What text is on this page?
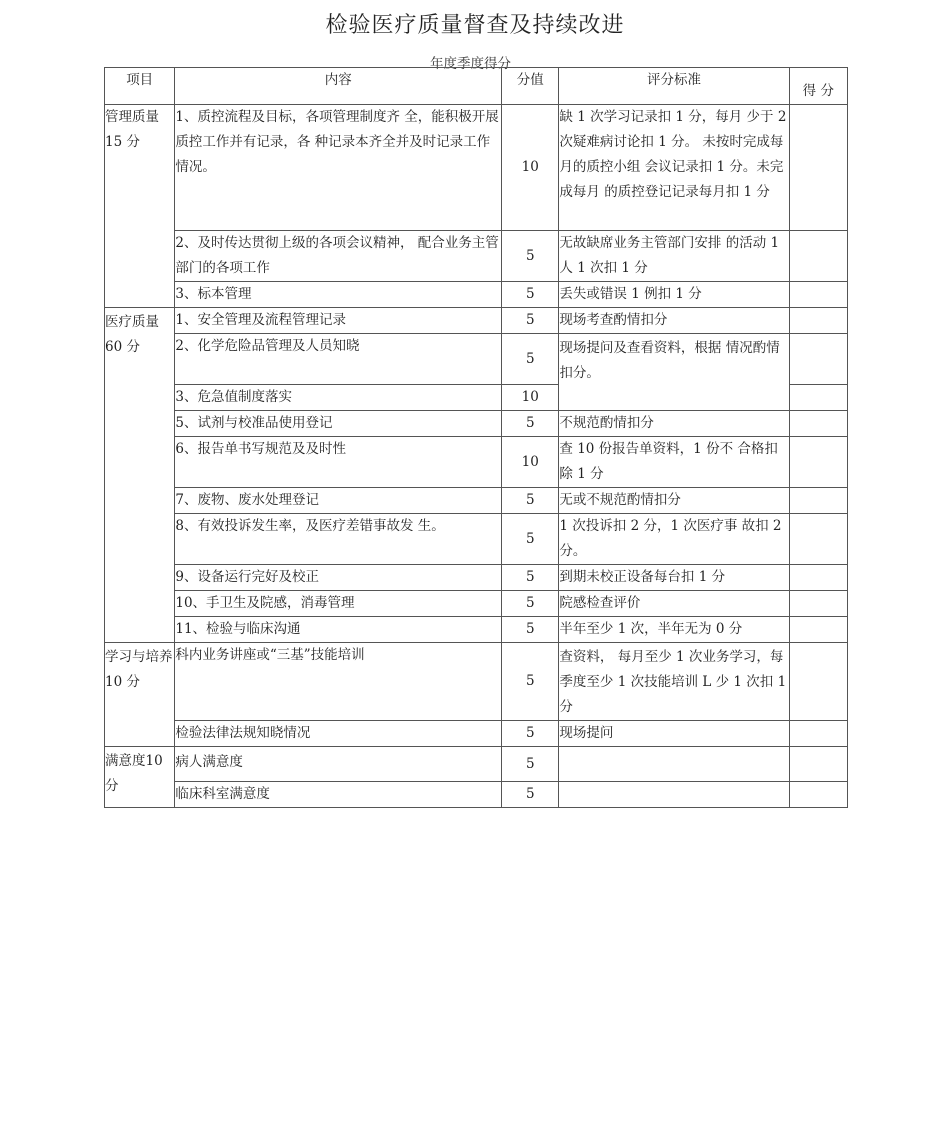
检验医疗质量督查及持续改进
年度季度得分
项目	内容	分值	评分标准	得 分
管理质量15 分	1、质控流程及目标，各项管理制度齐 全，能积极开展质控工作并有记录，各 种记录本齐全并及时记录工作情况。	10	缺 1 次学习记录扣 1 分，每月 少于 2 次疑难病讨论扣 1 分。 未按时完成每月的质控小组 会议记录扣 1 分。未完成每月 的质控登记记录每月扣 1 分	
	2、及时传达贯彻上级的各项会议精神， 配合业务主管部门的各项工作	5	无故缺席业务主管部门安排 的活动 1 人 1 次扣 1 分	
	3、标本管理	5	丢失或错误 1 例扣 1 分	
医疗质量60 分	1、安全管理及流程管理记录	5	现场考查酌情扣分	
	2、化学危险品管理及人员知晓	5	现场提问及查看资料，根据 情况酌情扣分。	
	3、危急值制度落实	10		
	5、试剂与校准品使用登记	5	不规范酌情扣分	
	6、报告单书写规范及及时性	10	查 10 份报告单资料，1 份不 合格扣除 1 分	
	7、废物、废水处理登记	5	无或不规范酌情扣分	
	8、有效投诉发生率，及医疗差错事故发 生。	5	1 次投诉扣 2 分，1 次医疗事 故扣 2 分。	
	9、设备运行完好及校正	5	到期未校正设备每台扣 1 分	
	10、手卫生及院感，消毒管理	5	院感检查评价	
	11、检验与临床沟通	5	半年至少 1 次，半年无为 0 分	
学习与培养10 分	科内业务讲座或“三基”技能培训	5	查资料， 每月至少 1 次业务学习，每季度至少 1 次技能培训 L 少 1 次扣 1 分	
	检验法律法规知晓情况	5	现场提问	
满意度10 分	病人满意度	5		
	临床科室满意度	5		
